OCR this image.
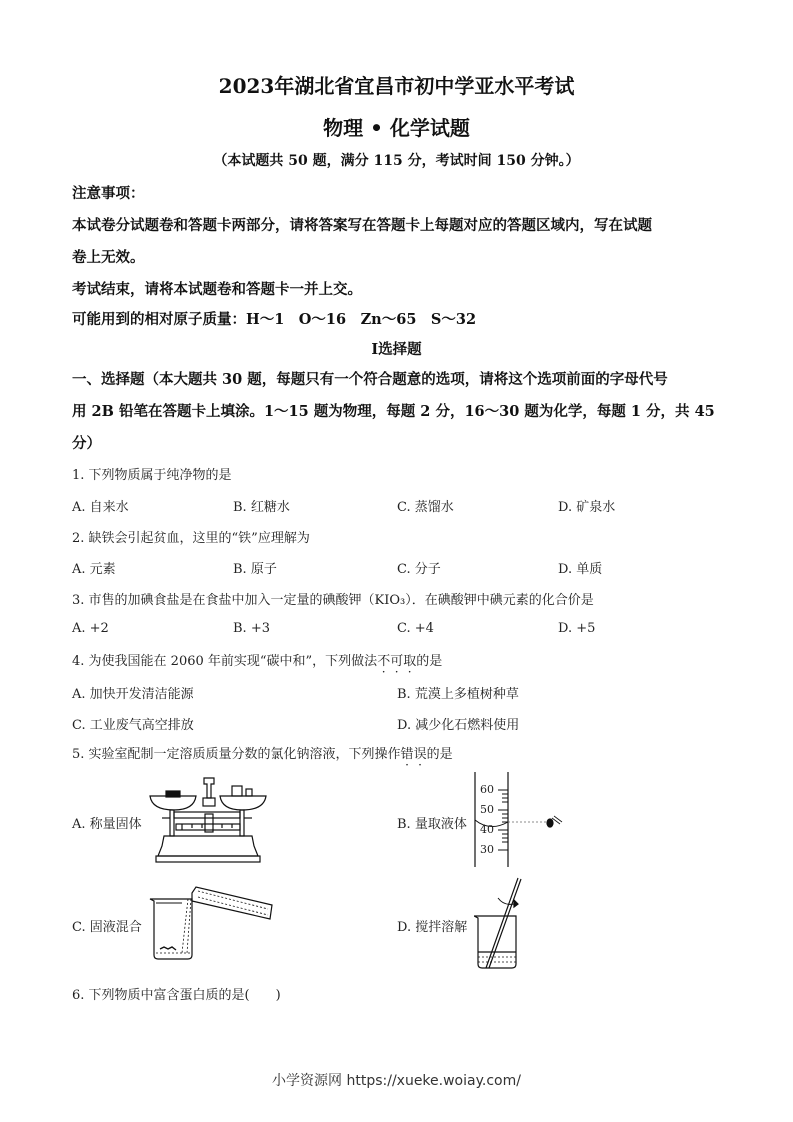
2023年湖北省宜昌市初中学亚水平考试
物理 • 化学试题
（本试题共 50 题，满分 115 分，考试时间 150 分钟。）
注意事项：
本试卷分试题卷和答题卡两部分，请将答案写在答题卡上每题对应的答题区域内，写在试题
卷上无效。
考试结束，请将本试题卷和答题卡一并上交。
可能用到的相对原子质量：H～1　O～16　Zn～65　S～32
Ⅰ选择题
一、选择题（本大题共 30 题，每题只有一个符合题意的选项，请将这个选项前面的字母代号
用 2B 铅笔在答题卡上填涂。1～15 题为物理，每题 2 分，16～30 题为化学，每题 1 分，共 45
分）
1. 下列物质属于纯净物的是
A. 自来水	B. 红糖水	C. 蒸馏水	D. 矿泉水
2. 缺铁会引起贫血，这里的“铁”应理解为
A. 元素	B. 原子	C. 分子	D. 单质
3. 市售的加碘食盐是在食盐中加入一定量的碘酸钾（KIO₃）．在碘酸钾中碘元素的化合价是
A. +2	B. +3	C. +4	D. +5
4. 为使我国能在 2060 年前实现“碳中和”，下列做法不可取的是
A. 加快开发清洁能源	B. 荒漠上多植树种草
C. 工业废气高空排放	D. 减少化石燃料使用
5. 实验室配制一定溶质质量分数的氯化钠溶液，下列操作错误的是
A. 称量固体	B. 量取液体
60
50
40
30
C. 固液混合	D. 搅拌溶解
6. 下列物质中富含蛋白质的是(　　)
小学资源网 https://xueke.woiay.com/
